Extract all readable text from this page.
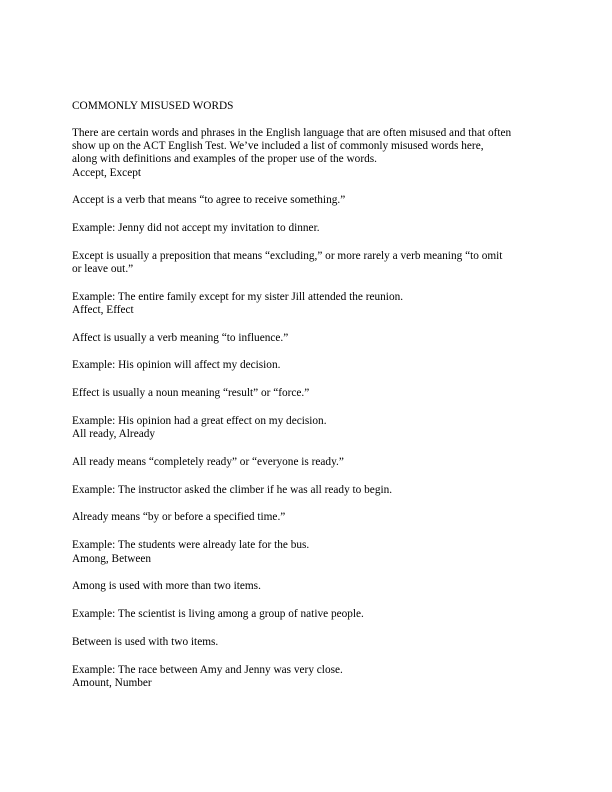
COMMONLY MISUSED WORDS

There are certain words and phrases in the English language that are often misused and that often

show up on the ACT English Test. We’ve included a list of commonly misused words here,

along with definitions and examples of the proper use of the words.

Accept, Except

Accept is a verb that means “to agree to receive something.”

Example: Jenny did not accept my invitation to dinner.

Except is usually a preposition that means “excluding,” or more rarely a verb meaning “to omit

or leave out.”

Example: The entire family except for my sister Jill attended the reunion.

Affect, Effect

Affect is usually a verb meaning “to influence.”

Example: His opinion will affect my decision.

Effect is usually a noun meaning “result” or “force.”

Example: His opinion had a great effect on my decision.

All ready, Already

All ready means “completely ready” or “everyone is ready.”

Example: The instructor asked the climber if he was all ready to begin.

Already means “by or before a specified time.”

Example: The students were already late for the bus.

Among, Between

Among is used with more than two items.

Example: The scientist is living among a group of native people.

Between is used with two items.

Example: The race between Amy and Jenny was very close.

Amount, Number
